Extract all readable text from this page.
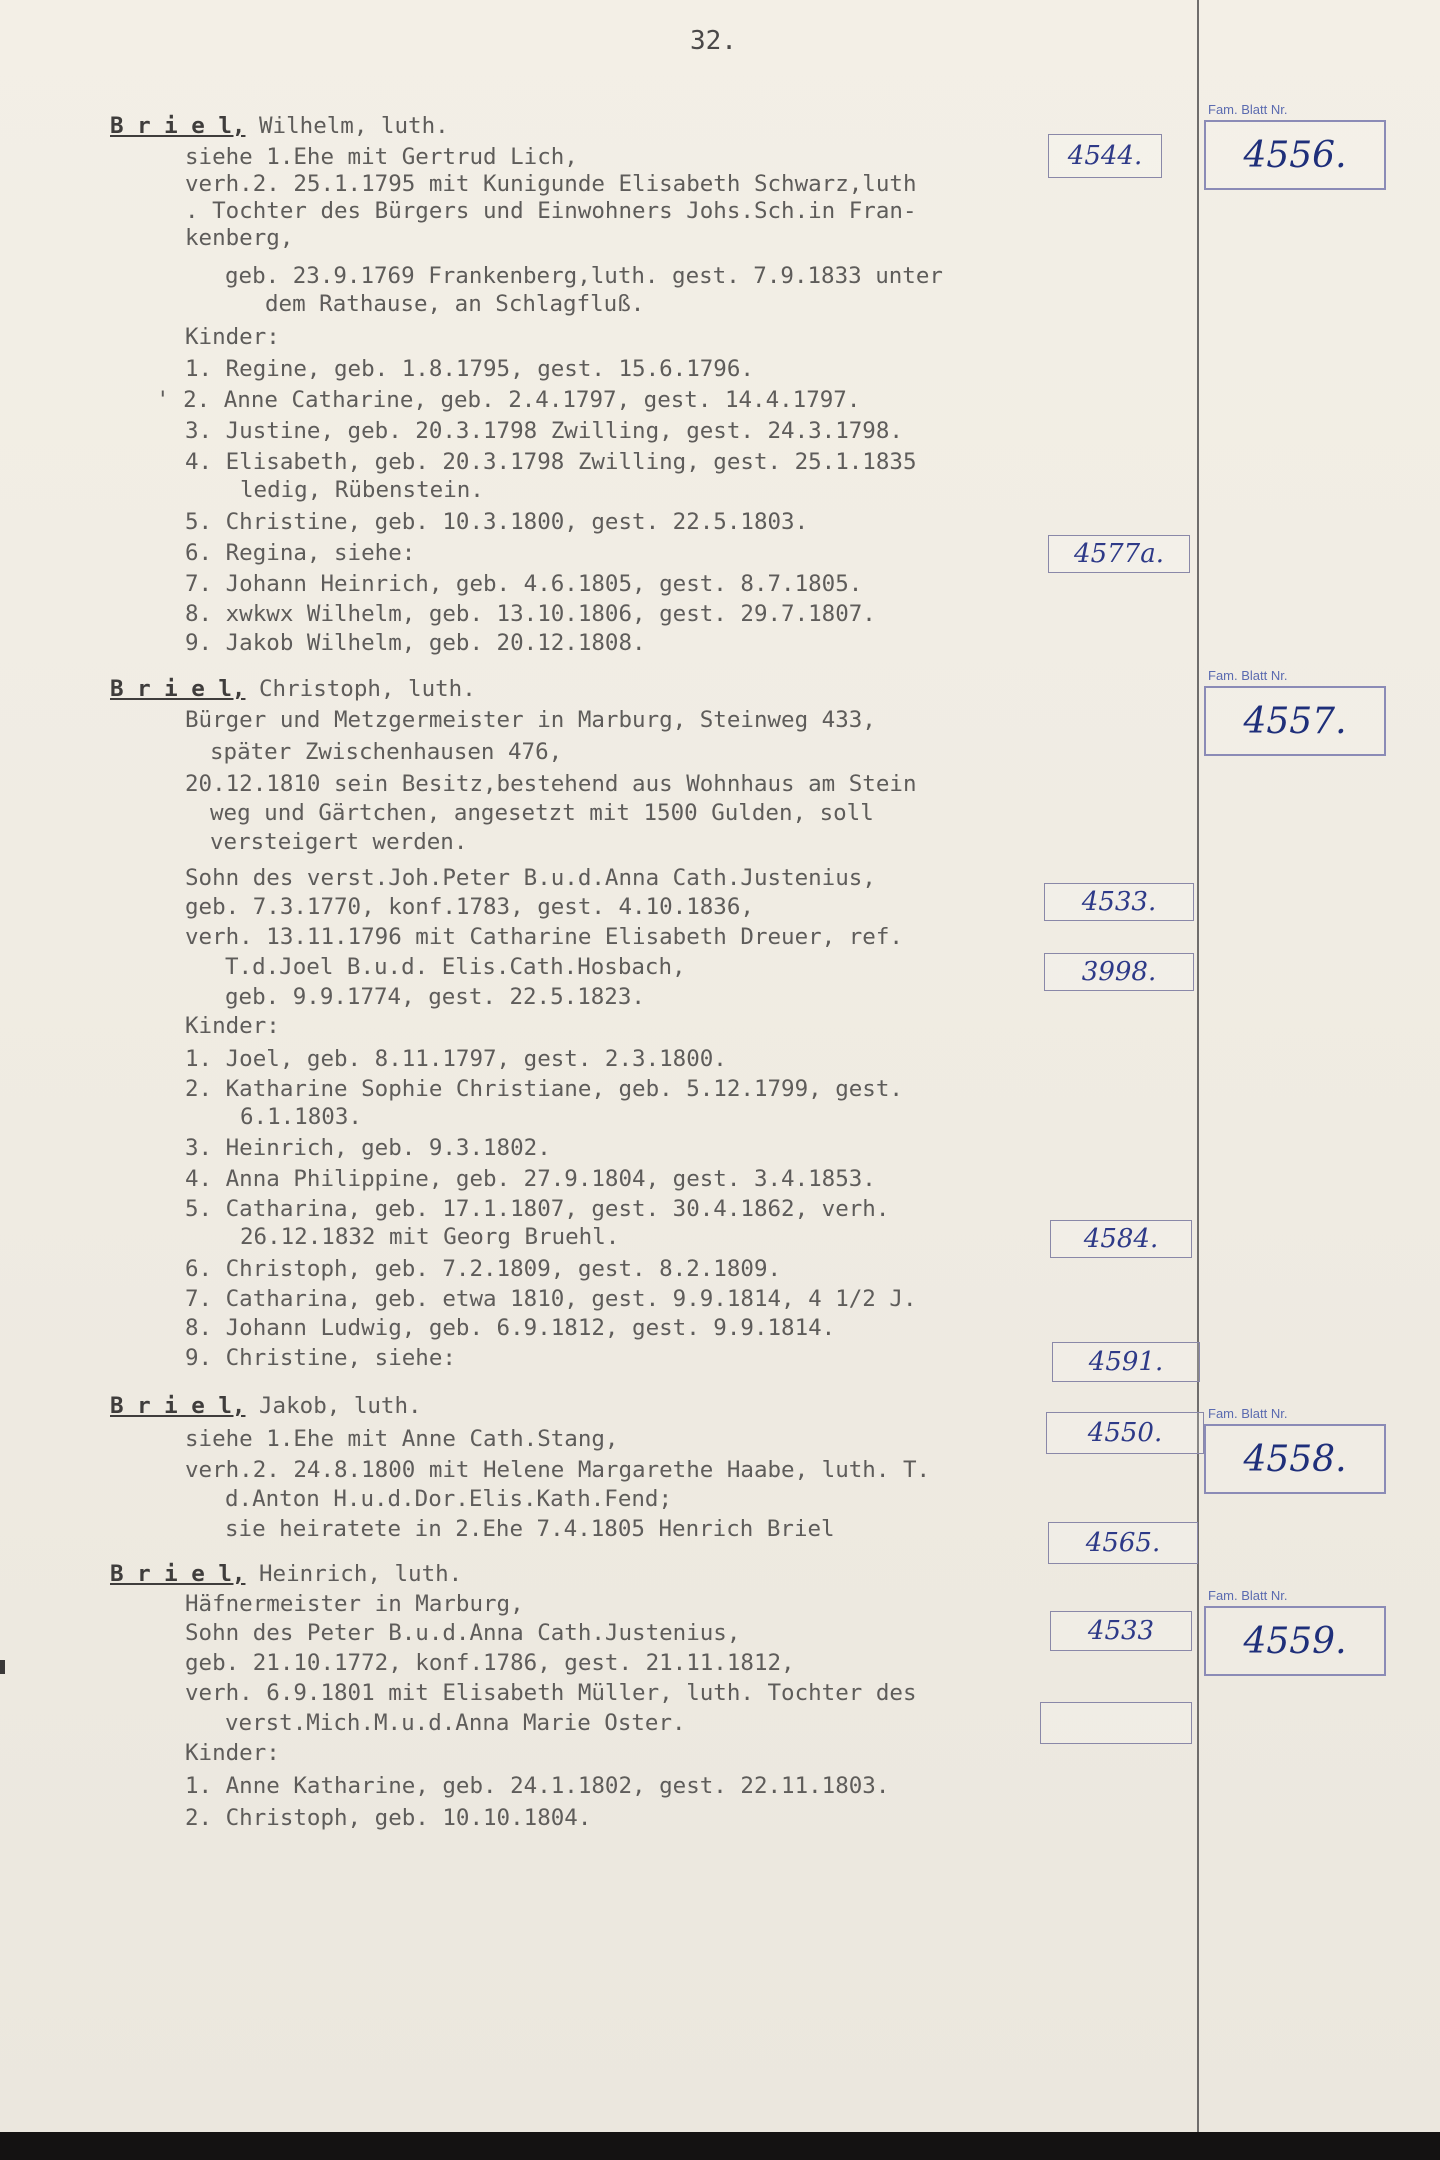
32.
B r i e l, Wilhelm, luth.
siehe 1.Ehe mit Gertrud Lich,
verh.2. 25.1.1795 mit Kunigunde Elisabeth Schwarz,luth
. Tochter des Bürgers und Einwohners Johs.Sch.in Fran-
kenberg,
geb. 23.9.1769 Frankenberg,luth. gest. 7.9.1833 unter
dem Rathause, an Schlagfluß.
Kinder:
1. Regine, geb. 1.8.1795, gest. 15.6.1796.
' 2. Anne Catharine, geb. 2.4.1797, gest. 14.4.1797.
3. Justine, geb. 20.3.1798 Zwilling, gest. 24.3.1798.
4. Elisabeth, geb. 20.3.1798 Zwilling, gest. 25.1.1835
ledig, Rübenstein.
5. Christine, geb. 10.3.1800, gest. 22.5.1803.
6. Regina, siehe:
7. Johann Heinrich, geb. 4.6.1805, gest. 8.7.1805.
8. xwkwx Wilhelm, geb. 13.10.1806, gest. 29.7.1807.
9. Jakob Wilhelm, geb. 20.12.1808.
4544.
4577a.
Fam. Blatt Nr.
4556.
B r i e l, Christoph, luth.
Bürger und Metzgermeister in Marburg, Steinweg 433,
später Zwischenhausen 476,
20.12.1810 sein Besitz,bestehend aus Wohnhaus am Stein
weg und Gärtchen, angesetzt mit 1500 Gulden, soll
versteigert werden.
Sohn des verst.Joh.Peter B.u.d.Anna Cath.Justenius,
geb. 7.3.1770, konf.1783, gest. 4.10.1836,
verh. 13.11.1796 mit Catharine Elisabeth Dreuer, ref.
T.d.Joel B.u.d. Elis.Cath.Hosbach,
geb. 9.9.1774, gest. 22.5.1823.
Kinder:
1. Joel, geb. 8.11.1797, gest. 2.3.1800.
2. Katharine Sophie Christiane, geb. 5.12.1799, gest.
6.1.1803.
3. Heinrich, geb. 9.3.1802.
4. Anna Philippine, geb. 27.9.1804, gest. 3.4.1853.
5. Catharina, geb. 17.1.1807, gest. 30.4.1862, verh.
26.12.1832 mit Georg Bruehl.
6. Christoph, geb. 7.2.1809, gest. 8.2.1809.
7. Catharina, geb. etwa 1810, gest. 9.9.1814, 4 1/2 J.
8. Johann Ludwig, geb. 6.9.1812, gest. 9.9.1814.
9. Christine, siehe:
4533.
3998.
4584.
4591.
Fam. Blatt Nr.
4557.
B r i e l, Jakob, luth.
siehe 1.Ehe mit Anne Cath.Stang,
verh.2. 24.8.1800 mit Helene Margarethe Haabe, luth. T.
d.Anton H.u.d.Dor.Elis.Kath.Fend;
sie heiratete in 2.Ehe 7.4.1805 Henrich Briel
4550.
4565.
Fam. Blatt Nr.
4558.
B r i e l, Heinrich, luth.
Häfnermeister in Marburg,
Sohn des Peter B.u.d.Anna Cath.Justenius,
geb. 21.10.1772, konf.1786, gest. 21.11.1812,
verh. 6.9.1801 mit Elisabeth Müller, luth. Tochter des
verst.Mich.M.u.d.Anna Marie Oster.
Kinder:
1. Anne Katharine, geb. 24.1.1802, gest. 22.11.1803.
2. Christoph, geb. 10.10.1804.
4533
Fam. Blatt Nr.
4559.
